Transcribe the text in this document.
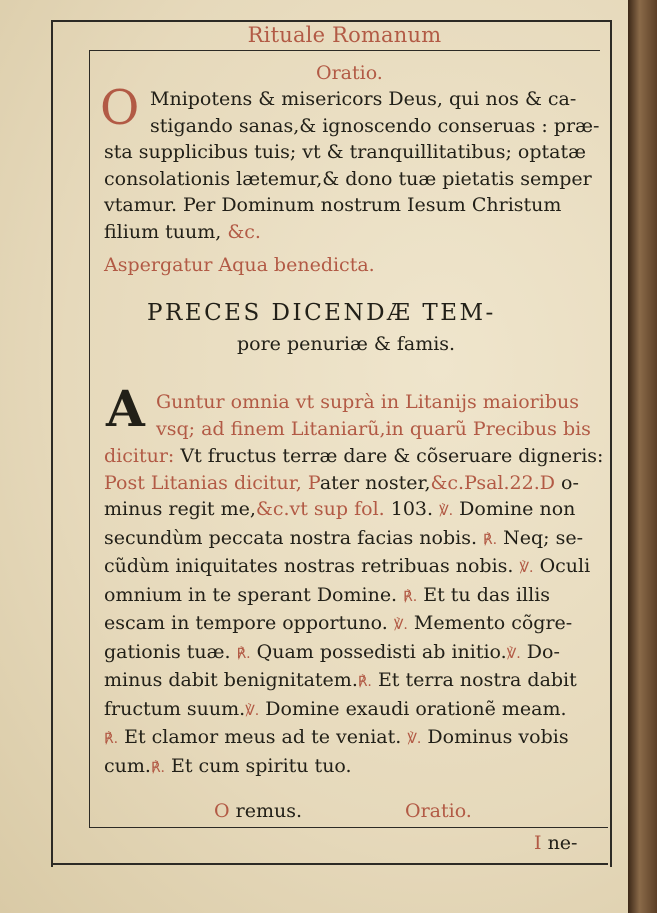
Rituale Romanum
Oratio.
O Mnipotens & misericors Deus, qui nos & ca-
stigando sanas,& ignoscendo conseruas : præ-
sta supplicibus tuis; vt & tranquillitatibus; optatæ
consolationis lætemur,& dono tuæ pietatis semper
vtamur. Per Dominum nostrum Iesum Christum
filium tuum, &c.
Aspergatur Aqua benedicta.
PRECES DICENDÆ TEM-
pore penuriæ & famis.
A Guntur omnia vt suprà in Litanijs maioribus
vsq; ad finem Litaniarũ,in quarũ Precibus bis
dicitur: Vt fructus terræ dare & cõseruare digneris:
Post Litanias dicitur, Pater noster,&c.Psal.22.D o-
minus regit me,&c.vt sup fol. 103. ℣. Domine non
secundùm peccata nostra facias nobis. ℟. Neq; se-
cũdùm iniquitates nostras retribuas nobis. ℣. Oculi
omnium in te sperant Domine. ℟. Et tu das illis
escam in tempore opportuno. ℣. Memento cõgre-
gationis tuæ. ℟. Quam possedisti ab initio.℣. Do-
minus dabit benignitatem.℟. Et terra nostra dabit
fructum suum.℣. Domine exaudi orationẽ meam.
℟. Et clamor meus ad te veniat. ℣. Dominus vobis
cum.℟. Et cum spiritu tuo.
O remus.	Oratio.
I ne-
